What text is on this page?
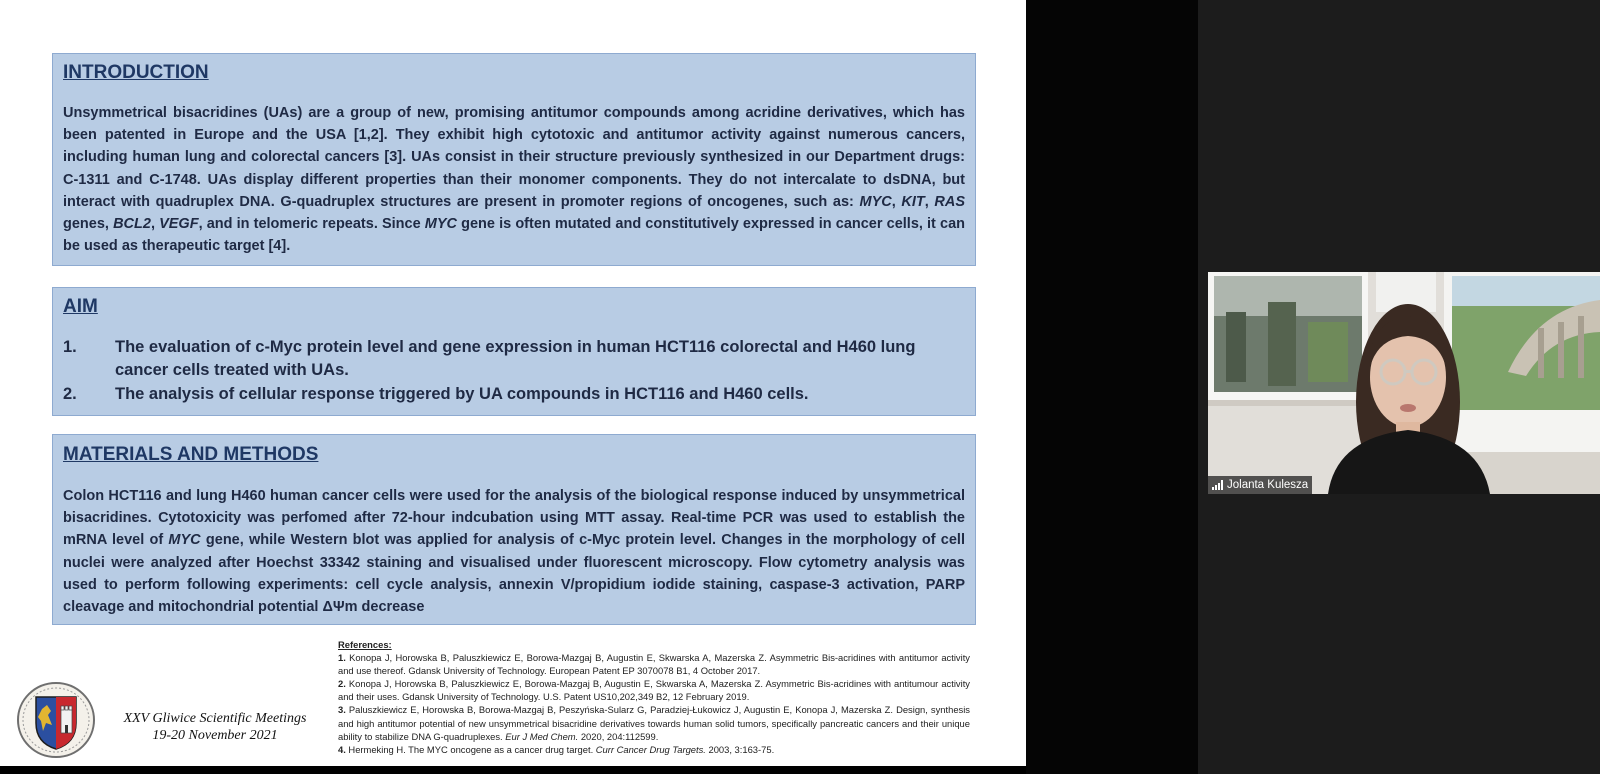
INTRODUCTION
Unsymmetrical bisacridines (UAs) are a group of new, promising antitumor compounds among acridine derivatives, which has been patented in Europe and the USA [1,2]. They exhibit high cytotoxic and antitumor activity against numerous cancers, including human lung and colorectal cancers [3]. UAs consist in their structure previously synthesized in our Department drugs: C-1311 and C-1748. UAs display different properties than their monomer components. They do not intercalate to dsDNA, but interact with quadruplex DNA. G-quadruplex structures are present in promoter regions of oncogenes, such as: MYC, KIT, RAS genes, BCL2, VEGF, and in telomeric repeats. Since MYC gene is often mutated and constitutively expressed in cancer cells, it can be used as therapeutic target [4].
AIM
1. The evaluation of c-Myc protein level and gene expression in human HCT116 colorectal and H460 lung cancer cells treated with UAs.
2. The analysis of cellular response triggered by UA compounds in HCT116 and H460 cells.
MATERIALS AND METHODS
Colon HCT116 and lung H460 human cancer cells were used for the analysis of the biological response induced by unsymmetrical bisacridines. Cytotoxicity was perfomed after 72-hour indcubation using MTT assay. Real-time PCR was used to establish the mRNA level of MYC gene, while Western blot was applied for analysis of c-Myc protein level. Changes in the morphology of cell nuclei were analyzed after Hoechst 33342 staining and visualised under fluorescent microscopy. Flow cytometry analysis was used to perform following experiments: cell cycle analysis, annexin V/propidium iodide staining, caspase-3 activation, PARP cleavage and mitochondrial potential ΔΨm decrease
References:

1. Konopa J, Horowska B, Paluszkiewicz E, Borowa-Mazgaj B, Augustin E, Skwarska A, Mazerska Z. Asymmetric Bis-acridines with antitumor activity and use thereof. Gdansk University of Technology. European Patent EP 3070078 B1, 4 October 2017.

2. Konopa J, Horowska B, Paluszkiewicz E, Borowa-Mazgaj B, Augustin E, Skwarska A, Mazerska Z. Asymmetric Bis-acridines with antitumour activity and their uses. Gdansk University of Technology. U.S. Patent US10,202,349 B2, 12 February 2019.

3. Paluszkiewicz E, Horowska B, Borowa-Mazgaj B, Peszyńska-Sularz G, Paradziej-Łukowicz J, Augustin E, Konopa J, Mazerska Z. Design, synthesis and high antitumor potential of new unsymmetrical bisacridine derivatives towards human solid tumors, specifically pancreatic cancers and their unique ability to stabilize DNA G-quadruplexes. Eur J Med Chem. 2020, 204:112599.

4. Hermeking H. The MYC oncogene as a cancer drug target. Curr Cancer Drug Targets. 2003, 3:163-75.

XXV Gliwice Scientific Meetings
19-20 November 2021
Jolanta Kulesza
